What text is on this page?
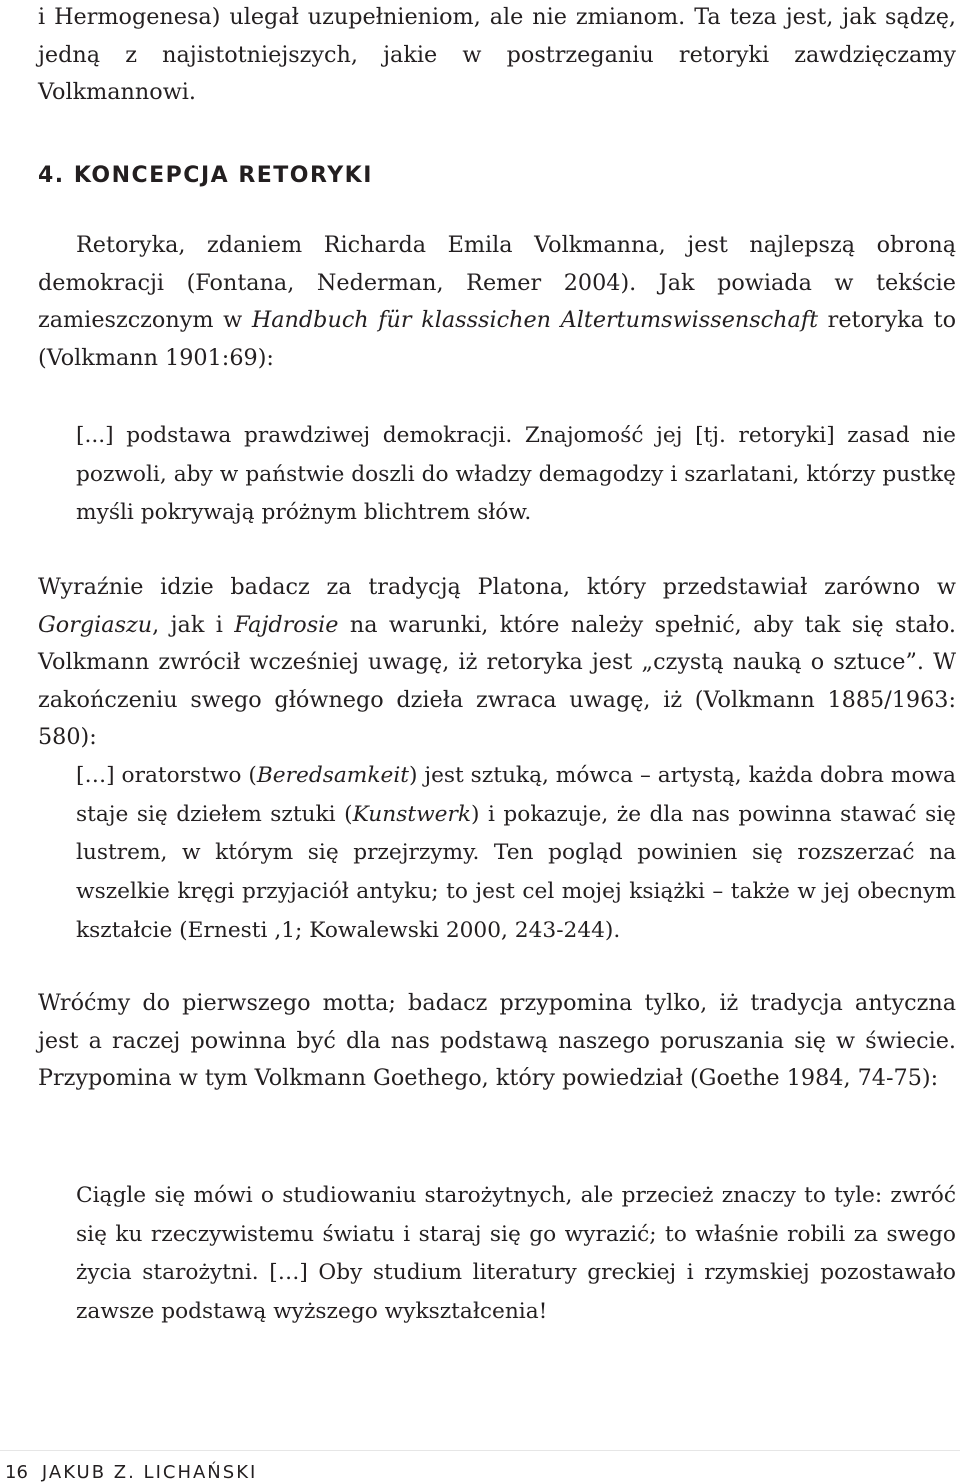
i Hermogenesa) ulegał uzupełnieniom, ale nie zmianom. Ta teza jest, jak sądzę, jedną z najistotniejszych, jakie w postrzeganiu retoryki zawdzięczamy Volkmannowi.

4. KONCEPCJA RETORYKI

Retoryka, zdaniem Richarda Emila Volkmanna, jest najlepszą obroną demokracji (Fontana, Nederman, Remer 2004). Jak powiada w tekście zamieszczonym w Handbuch für klasssichen Altertumswissenschaft retoryka to (Volkmann 1901:69):

[...] podstawa prawdziwej demokracji. Znajomość jej [tj. retoryki] zasad nie pozwoli, aby w państwie doszli do władzy demagodzy i szarlatani, którzy pustkę myśli pokrywają próżnym blichtrem słów.

Wyraźnie idzie badacz za tradycją Platona, który przedstawiał zarówno w Gorgiaszu, jak i Fajdrosie na warunki, które należy spełnić, aby tak się stało. Volkmann zwrócił wcześniej uwagę, iż retoryka jest „czystą nauką o sztuce”. W zakończeniu swego głównego dzieła zwraca uwagę, iż (Volkmann 1885/1963: 580):

[…] oratorstwo (Beredsamkeit) jest sztuką, mówca – artystą, każda dobra mowa staje się dziełem sztuki (Kunstwerk) i pokazuje, że dla nas powinna stawać się lustrem, w którym się przejrzymy. Ten pogląd powinien się rozszerzać na wszelkie kręgi przyjaciół antyku; to jest cel mojej książki – także w jej obecnym kształcie (Ernesti ,1; Kowalewski 2000, 243-244).

Wróćmy do pierwszego motta; badacz przypomina tylko, iż tradycja antyczna jest a raczej powinna być dla nas podstawą naszego poruszania się w świecie. Przypomina w tym Volkmann Goethego, który powiedział (Goethe 1984, 74-75):

Ciągle się mówi o studiowaniu starożytnych, ale przecież znaczy to tyle: zwróć się ku rzeczywistemu światu i staraj się go wyrazić; to właśnie robili za swego życia starożytni. […] Oby studium literatury greckiej i rzymskiej pozostawało zawsze podstawą wyższego wykształcenia!

16 JAKUB Z. LICHAŃSKI
